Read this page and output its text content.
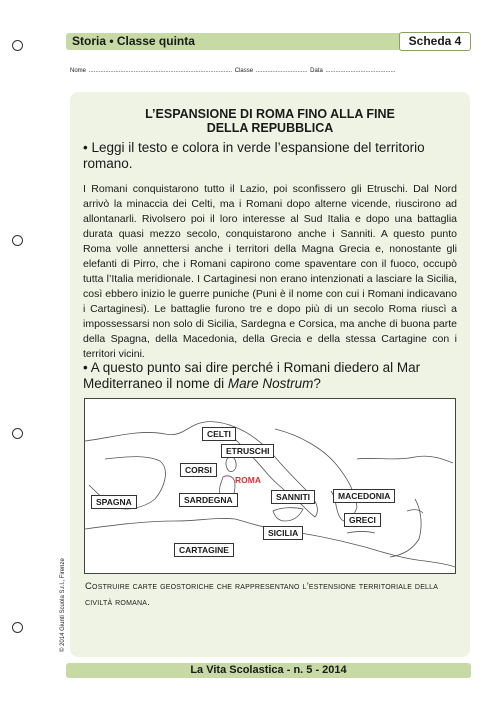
Storia • Classe quinta	Scheda 4
Nome ...................................................................................... Classe ............................... Data ..........................................
L’ESPANSIONE DI ROMA FINO ALLA FINE
DELLA REPUBBLICA
• Leggi il testo e colora in verde l’espansione del territorio romano.
I Romani conquistarono tutto il Lazio, poi sconfissero gli Etruschi. Dal Nord arrivò la minaccia dei Celti, ma i Romani dopo alterne vicende, riuscirono ad allontanarli. Rivolsero poi il loro interesse al Sud Italia e dopo una battaglia durata quasi mezzo secolo, conquistarono anche i Sanniti. A questo punto Roma volle annettersi anche i territori della Magna Grecia e, nonostante gli elefanti di Pirro, che i Romani capirono come spaventare con il fuoco, occupò tutta l’Italia meridionale. I Cartaginesi non erano intenzionati a lasciare la Sicilia, così ebbero inizio le guerre puniche (Puni è il nome con cui i Romani indicavano i Cartaginesi). Le battaglie furono tre e dopo più di un secolo Roma riuscì a impossessarsi non solo di Sicilia, Sardegna e Corsica, ma anche di buona parte della Spagna, della Macedonia, della Grecia e della stessa Cartagine con i territori vicini.
• A questo punto sai dire perché i Romani diedero al Mar Mediterraneo il nome di Mare Nostrum?
CELTI
ETRUSCHI
CORSI
ROMA
SARDEGNA	SANNITI	MACEDONIA
SPAGNA
GRECI
SICILIA
CARTAGINE
Costruire carte geostoriche che rappresentano l’estensione territoriale della civiltà romana.
© 2014 Giunti Scuola S.r.l., Firenze
La Vita Scolastica - n. 5 - 2014
